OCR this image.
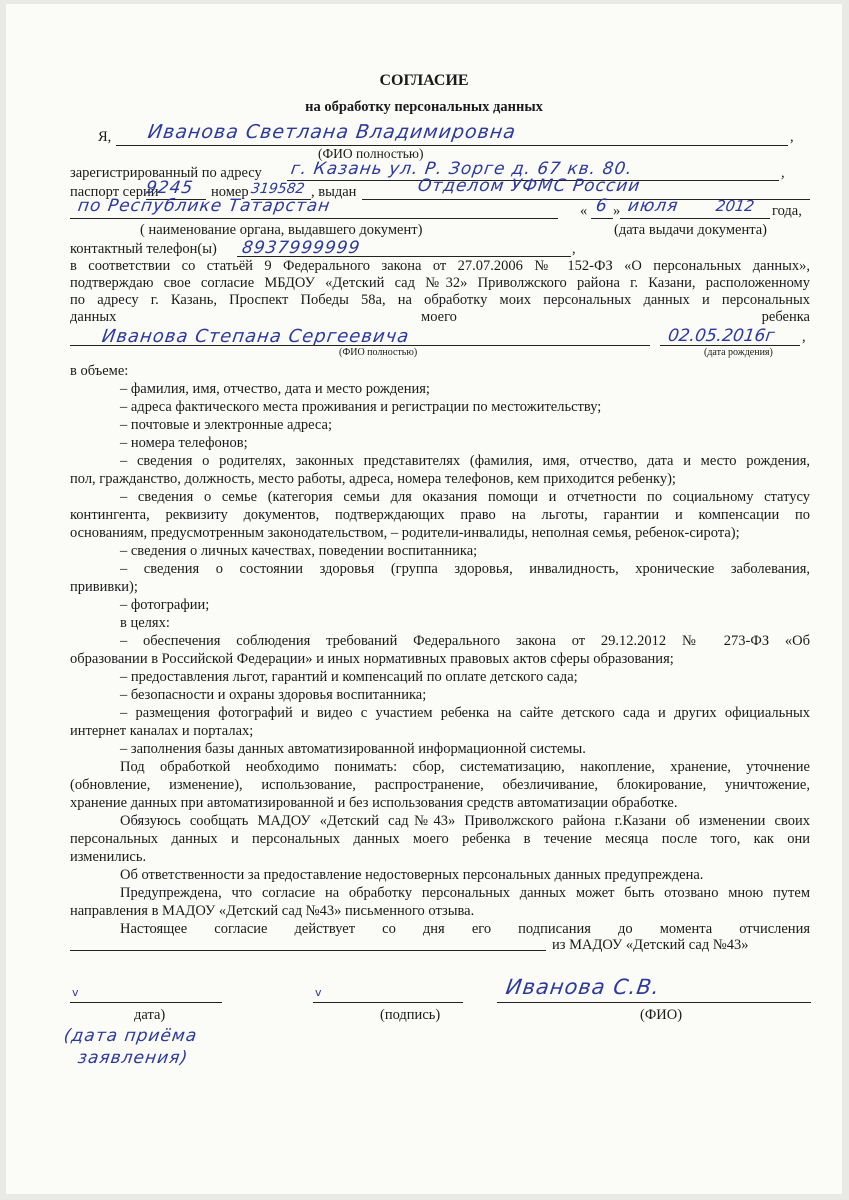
СОГЛАСИЕ
на обработку персональных данных
Я, Иванова Светлана Владимировна	,
(ФИО полностью)
зарегистрированный по адресу г. Казань ул. Р. Зорге д. 67 кв. 80.	,
паспорт серии
9245 номер 319582 , выдан	Отделом УФМС России
по Республике Татарстан	« 6 » июля 2012 года,
( наименование органа, выдавшего документ)	(дата выдачи документа)
контактный телефон(ы) 8937999999	,
в соответствии со статьёй 9 Федерального закона от 27.07.2006 № 152-ФЗ «О персональных данных»,
подтверждаю свое согласие МБДОУ «Детский сад №32» Приволжского района г. Казани, расположенному
по адресу г. Казань, Проспект Победы 58а, на обработку моих персональных данных и персональных
данных моего ребенка
Иванова Степана Сергеевича	02.05.2016г ,
(ФИО полностью)	(дата рождения)
в объеме:
– фамилия, имя, отчество, дата и место рождения;
– адреса фактического места проживания и регистрации по местожительству;
– почтовые и электронные адреса;
– номера телефонов;
– сведения о родителях, законных представителях (фамилия, имя, отчество, дата и место рождения,
пол, гражданство, должность, место работы, адреса, номера телефонов, кем приходится ребенку);
– сведения о семье (категория семьи для оказания помощи и отчетности по социальному статусу
контингента, реквизиту документов, подтверждающих право на льготы, гарантии и компенсации по
основаниям, предусмотренным законодательством, – родители-инвалиды, неполная семья, ребенок-сирота);
– сведения о личных качествах, поведении воспитанника;
– сведения о состоянии здоровья (группа здоровья, инвалидность, хронические заболевания,
прививки);
– фотографии;
в целях:
– обеспечения соблюдения требований Федерального закона от 29.12.2012 № 273-ФЗ «Об
образовании в Российской Федерации» и иных нормативных правовых актов сферы образования;
– предоставления льгот, гарантий и компенсаций по оплате детского сада;
– безопасности и охраны здоровья воспитанника;
– размещения фотографий и видео с участием ребенка на сайте детского сада и других официальных
интернет каналах и порталах;
– заполнения базы данных автоматизированной информационной системы.
Под обработкой необходимо понимать: сбор, систематизацию, накопление, хранение, уточнение
(обновление, изменение), использование, распространение, обезличивание, блокирование, уничтожение,
хранение данных при автоматизированной и без использования средств автоматизации обработке.
Обязуюсь сообщать МАДОУ «Детский сад№43» Приволжского района г.Казани об изменении своих
персональных данных и персональных данных моего ребенка в течение месяца после того, как они
изменились.
Об ответственности за предоставление недостоверных персональных данных предупреждена.
Предупреждена, что согласие на обработку персональных данных может быть отозвано мною путем
направления в МАДОУ «Детский сад №43» письменного отзыва.
Настоящее согласие действует со дня его подписания до момента отчисления
из МАДОУ «Детский сад №43»
v
дата)
(дата приёма
заявления)
v
(подпись)
Иванова С.В.
(ФИО)
